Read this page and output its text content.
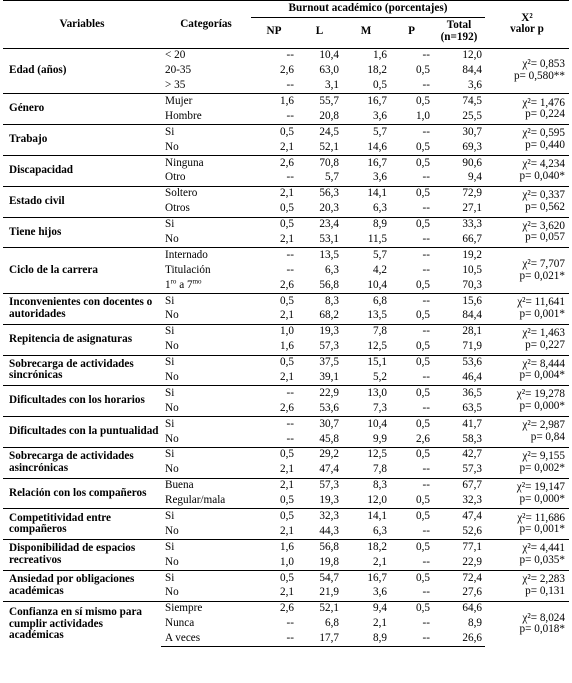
Variables	Categorías	Burnout académico (porcentajes)					X²
valor p

		NP	L	M	P	Total
(n=192)	

Edad (años)	< 20	--	10,4	1,6	--	12,0	χ²= 0,853
p= 0,580**

	20-35	2,6	63,0	18,2	0,5	84,4	
	> 35	--	3,1	0,5	--	3,6	
Género	Mujer	1,6	55,7	16,7	0,5	74,5	χ²= 1,476
p= 0,224

	Hombre	--	20,8	3,6	1,0	25,5	
Trabajo	Si	0,5	24,5	5,7	--	30,7	χ²= 0,595
p= 0,440

	No	2,1	52,1	14,6	0,5	69,3	
Discapacidad	Ninguna	2,6	70,8	16,7	0,5	90,6	χ²= 4,234
p= 0,040*

	Otro	--	5,7	3,6	--	9,4	
Estado civil	Soltero	2,1	56,3	14,1	0,5	72,9	χ²= 0,337
p= 0,562

	Otros	0,5	20,3	6,3	--	27,1	
Tiene hijos	Si	0,5	23,4	8,9	0,5	33,3	χ²= 3,620
p= 0,057

	No	2,1	53,1	11,5	--	66,7	
Ciclo de la carrera	Internado	--	13,5	5,7	--	19,2	χ²= 7,707
p= 0,021*

	Titulación	--	6,3	4,2	--	10,5	
	$1^{ro}$ a $7^{mo}$	2,6	56,8	10,4	0,5	70,3	
Inconvenientes con docentes o autoridades	Si	0,5	8,3	6,8	--	15,6	χ²= 11,641
p= 0,001*

	No	2,1	68,2	13,5	0,5	84,4	
Repitencia de asignaturas	Si	1,0	19,3	7,8	--	28,1	χ²= 1,463
p= 0,227

	No	1,6	57,3	12,5	0,5	71,9	
Sobrecarga de actividades sincrónicas	Si	0,5	37,5	15,1	0,5	53,6	χ²= 8,444
p= 0,004*

	No	2,1	39,1	5,2	--	46,4	
Dificultades con los horarios	Si	--	22,9	13,0	0,5	36,5	χ²= 19,278
p= 0,000*

	No	2,6	53,6	7,3	--	63,5	
Dificultades con la puntualidad	Si	--	30,7	10,4	0,5	41,7	χ²= 2,987
p= 0,84

	No	--	45,8	9,9	2,6	58,3	
Sobrecarga de actividades asincrónicas	Si	0,5	29,2	12,5	0,5	42,7	χ²= 9,155
p= 0,002*

	No	2,1	47,4	7,8	--	57,3	
Relación con los compañeros	Buena	2,1	57,3	8,3	--	67,7	χ²= 19,147
p= 0,000*

	Regular/mala	0,5	19,3	12,0	0,5	32,3	
Competitividad entre compañeros	Si	0,5	32,3	14,1	0,5	47,4	χ²= 11,686
p= 0,001*

	No	2,1	44,3	6,3	--	52,6	
Disponibilidad de espacios recreativos	Si	1,6	56,8	18,2	0,5	77,1	χ²= 4,441
p= 0,035*

	No	1,0	19,8	2,1	--	22,9	
Ansiedad por obligaciones académicas	Si	0,5	54,7	16,7	0,5	72,4	χ²= 2,283
p= 0,131

	No	2,1	21,9	3,6	--	27,6	
Confianza en sí mismo para cumplir actividades académicas	Siempre	2,6	52,1	9,4	0,5	64,6	χ²= 8,024
p= 0,018*

	Nunca	--	6,8	2,1	--	8,9	
	A veces	--	17,7	8,9	--	26,6	
